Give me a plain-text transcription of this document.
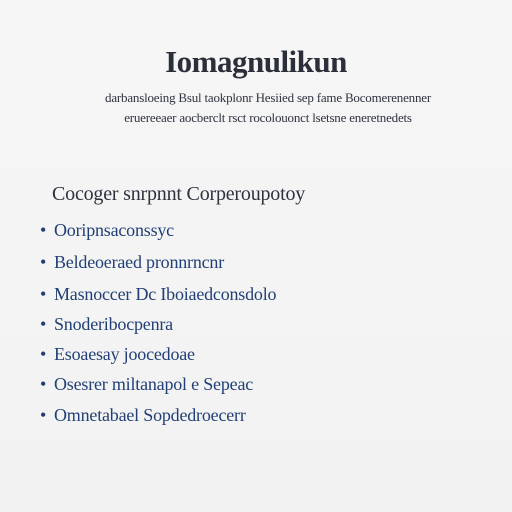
Iomagnulikun
darbansloeing Bsul taokplonr Hesiied sep fame Bocomerenenner
eruereeaer aocberclt rsct rocolouonct lsetsne eneretnedets
Cocoger snrpnnt Corperoupotoy
• Ooripnsaconssyc
• Beldeoeraed pronnrncnr
• Masnoccer Dc Iboiaedconsdolo
• Snoderibocpenra
• Esoaesay joocedoae
• Osesrer miltanapol e Sepeac
• Omnetabael Sopdedroecerr
